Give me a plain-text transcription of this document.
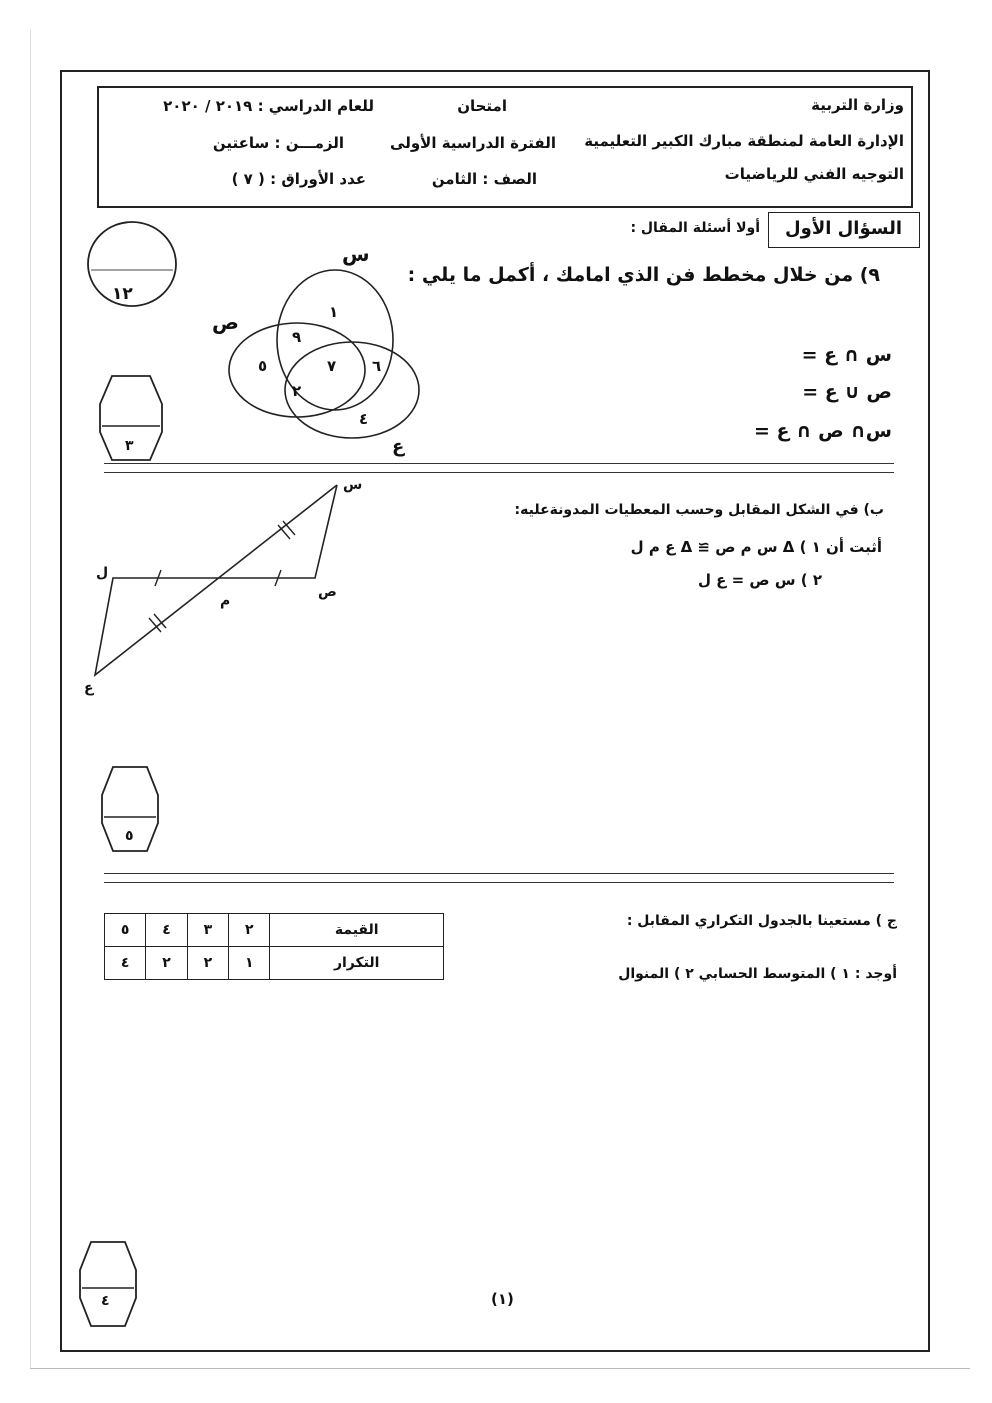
وزارة التربية
الإدارة العامة لمنطقة مبارك الكبير التعليمية
التوجيه الفني للرياضيات
امتحان
الفترة الدراسية الأولى
الصف : الثامن
للعام الدراسي : ٢٠١٩ / ٢٠٢٠
الزمـــن : ساعتين
عدد الأوراق : ( ٧ )
السؤال الأول
أولا أسئلة المقال :
١٢
٩) من خلال مخطط فن الذي امامك ، أكمل ما يلي :
س
ص
ع
١
٩
٥	٧ ٦
٢
٤
س ∩ ع =
ص ∪ ع =
س∩ ص ∩ ع =
٣
ب) في الشكل المقابل وحسب المعطيات المدونةعليه:
أثبت أن ١ ) Δ س م ص ≅ Δ ع م ل
٢ ) س ص = ع ل
س
ص
م
ل
ع
٥
ج ) مستعينا بالجدول التكراري المقابل :
أوجد : ١ ) المتوسط الحسابي ٢ ) المنوال
القيمة	٢	٣	٤	٥
التكرار	١	٢	٢	٤
٤	(١)
